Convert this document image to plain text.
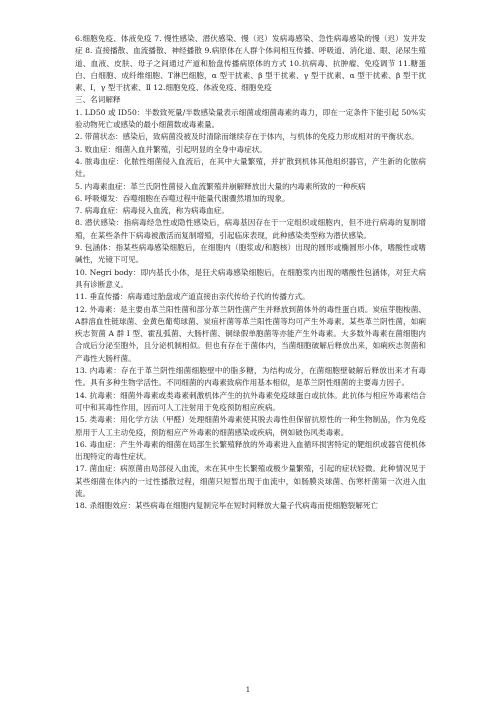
6.细胞免疫、体液免疫 7. 慢性感染、潜伏感染、慢（迟）发病毒感染、急性病毒感染的慢（迟）发并发症 8. 直接播散、血流播散、神经播散 9.病原体在人群个体间相互传播、呼吸道、消化道、眼、泌尿生殖道、血液、皮肤、母子之间通过产道和胎盘传播病原体的方式 10.抗病毒、抗肿瘤、免疫调节 11.糖蛋白、白细胞、成纤维细胞、T淋巴细胞，α 型干扰素、β 型干扰素、γ 型干扰素、α 型干扰素、β 型干扰素、I，γ 型干扰素、Ⅱ 12.细胞免疫、体液免疫、细胞免疫

三、名词解释

1. LD50 或 ID50：半数致死量/半数感染量表示细菌或细菌毒素的毒力，即在一定条件下能引起 50%实验动物死亡或感染的最小细菌数或毒素量。

2. 带菌状态：感染后，致病菌没被及时清除而继续存在于体内，与机体的免疫力形成相对的平衡状态。

3. 败血症：细菌入血并繁殖，引起明显的全身中毒症状。

4. 脓毒血症：化脓性细菌侵入血流后，在其中大量繁殖，并扩散到机体其他组织器官，产生新的化脓病灶。

5. 内毒素血症：革兰氏阴性菌侵入血流繁殖并崩解释放出大量的内毒素所致的一种疾病

6. 呼吸爆发：吞噬细胞在吞噬过程中能量代谢骤然增加的现象。

7. 病毒血症：病毒侵入血流，称为病毒血症。

8. 潜伏感染：指病毒经急性或隐性感染后，病毒基因存在于一定组织或细胞内，但不进行病毒的复制增殖，在某些条件下病毒被激活而复制增殖，引起临床表现，此种感染类型称为潜伏感染。

9. 包涵体：指某些病毒感染细胞后，在细胞内（胞浆或/和胞核）出现的圆形或椭圆形小体，嗜酸性或嗜碱性，光镜下可见。

10. Negri body：即内基氏小体，是狂犬病毒感染细胞后，在细胞浆内出现的嗜酸性包涵体，对狂犬病具有诊断意义。

11. 垂直传播：病毒通过胎盘或产道直接由亲代传给子代的传播方式。

12. 外毒素：是主要由革兰阳性菌和部分革兰阴性菌产生并释放到菌体外的毒性蛋白质。炭疽芽胞梭菌、A群溶血性链球菌、金黄色葡萄球菌、炭疽杆菌等革兰阳性菌等均可产生外毒素。某些革兰阴性菌，如痢疾志贺菌 A 群 I 型、霍乱弧菌、大肠杆菌、铜绿假单胞菌等亦能产生外毒素。大多数外毒素在菌细胞内合成后分泌至胞外，且分泌机制相似。但也有存在于菌体内，当菌细胞破解后释放出来，如痢疾志贺菌和产毒性大肠杆菌。

13. 内毒素：存在于革兰阴性细菌细胞壁中的脂多糖，为结构成分，在菌细胞壁破解后释放出来才有毒性。具有多种生物学活性。不同细菌的内毒素致病作用基本相似，是革兰阴性细菌的主要毒力因子。

14. 抗毒素：细菌外毒素或类毒素刺激机体产生的抗外毒素免疫球蛋白或抗体。此抗体与相应外毒素结合可中和其毒性作用，因而可人工注射用于免疫预防相应疾病。

15. 类毒素：用化学方法（甲醛）处理细菌外毒素使其脱去毒性但保留抗原性的一种生物制品，作为免疫原用于人工主动免疫，预防相应产外毒素的细菌感染或疾病，例如破伤风类毒素。

16. 毒血症：产生外毒素的细菌在局部生长繁殖释放的外毒素进入血循环损害特定的靶组织或器官使机体出现特定的毒性症状。

17. 菌血症：病原菌由局部侵入血流，未在其中生长繁殖或极少量繁殖，引起的症状轻微。此种情况见于某些细菌在体内的一过性播散过程，细菌只短暂出现于血流中，如肠膜炎球菌、伤寒杆菌第一次进入血流。

18. 杀细胞效应：某些病毒在细胞内复制完毕在短时间释放大量子代病毒而使细胞裂解死亡

1
